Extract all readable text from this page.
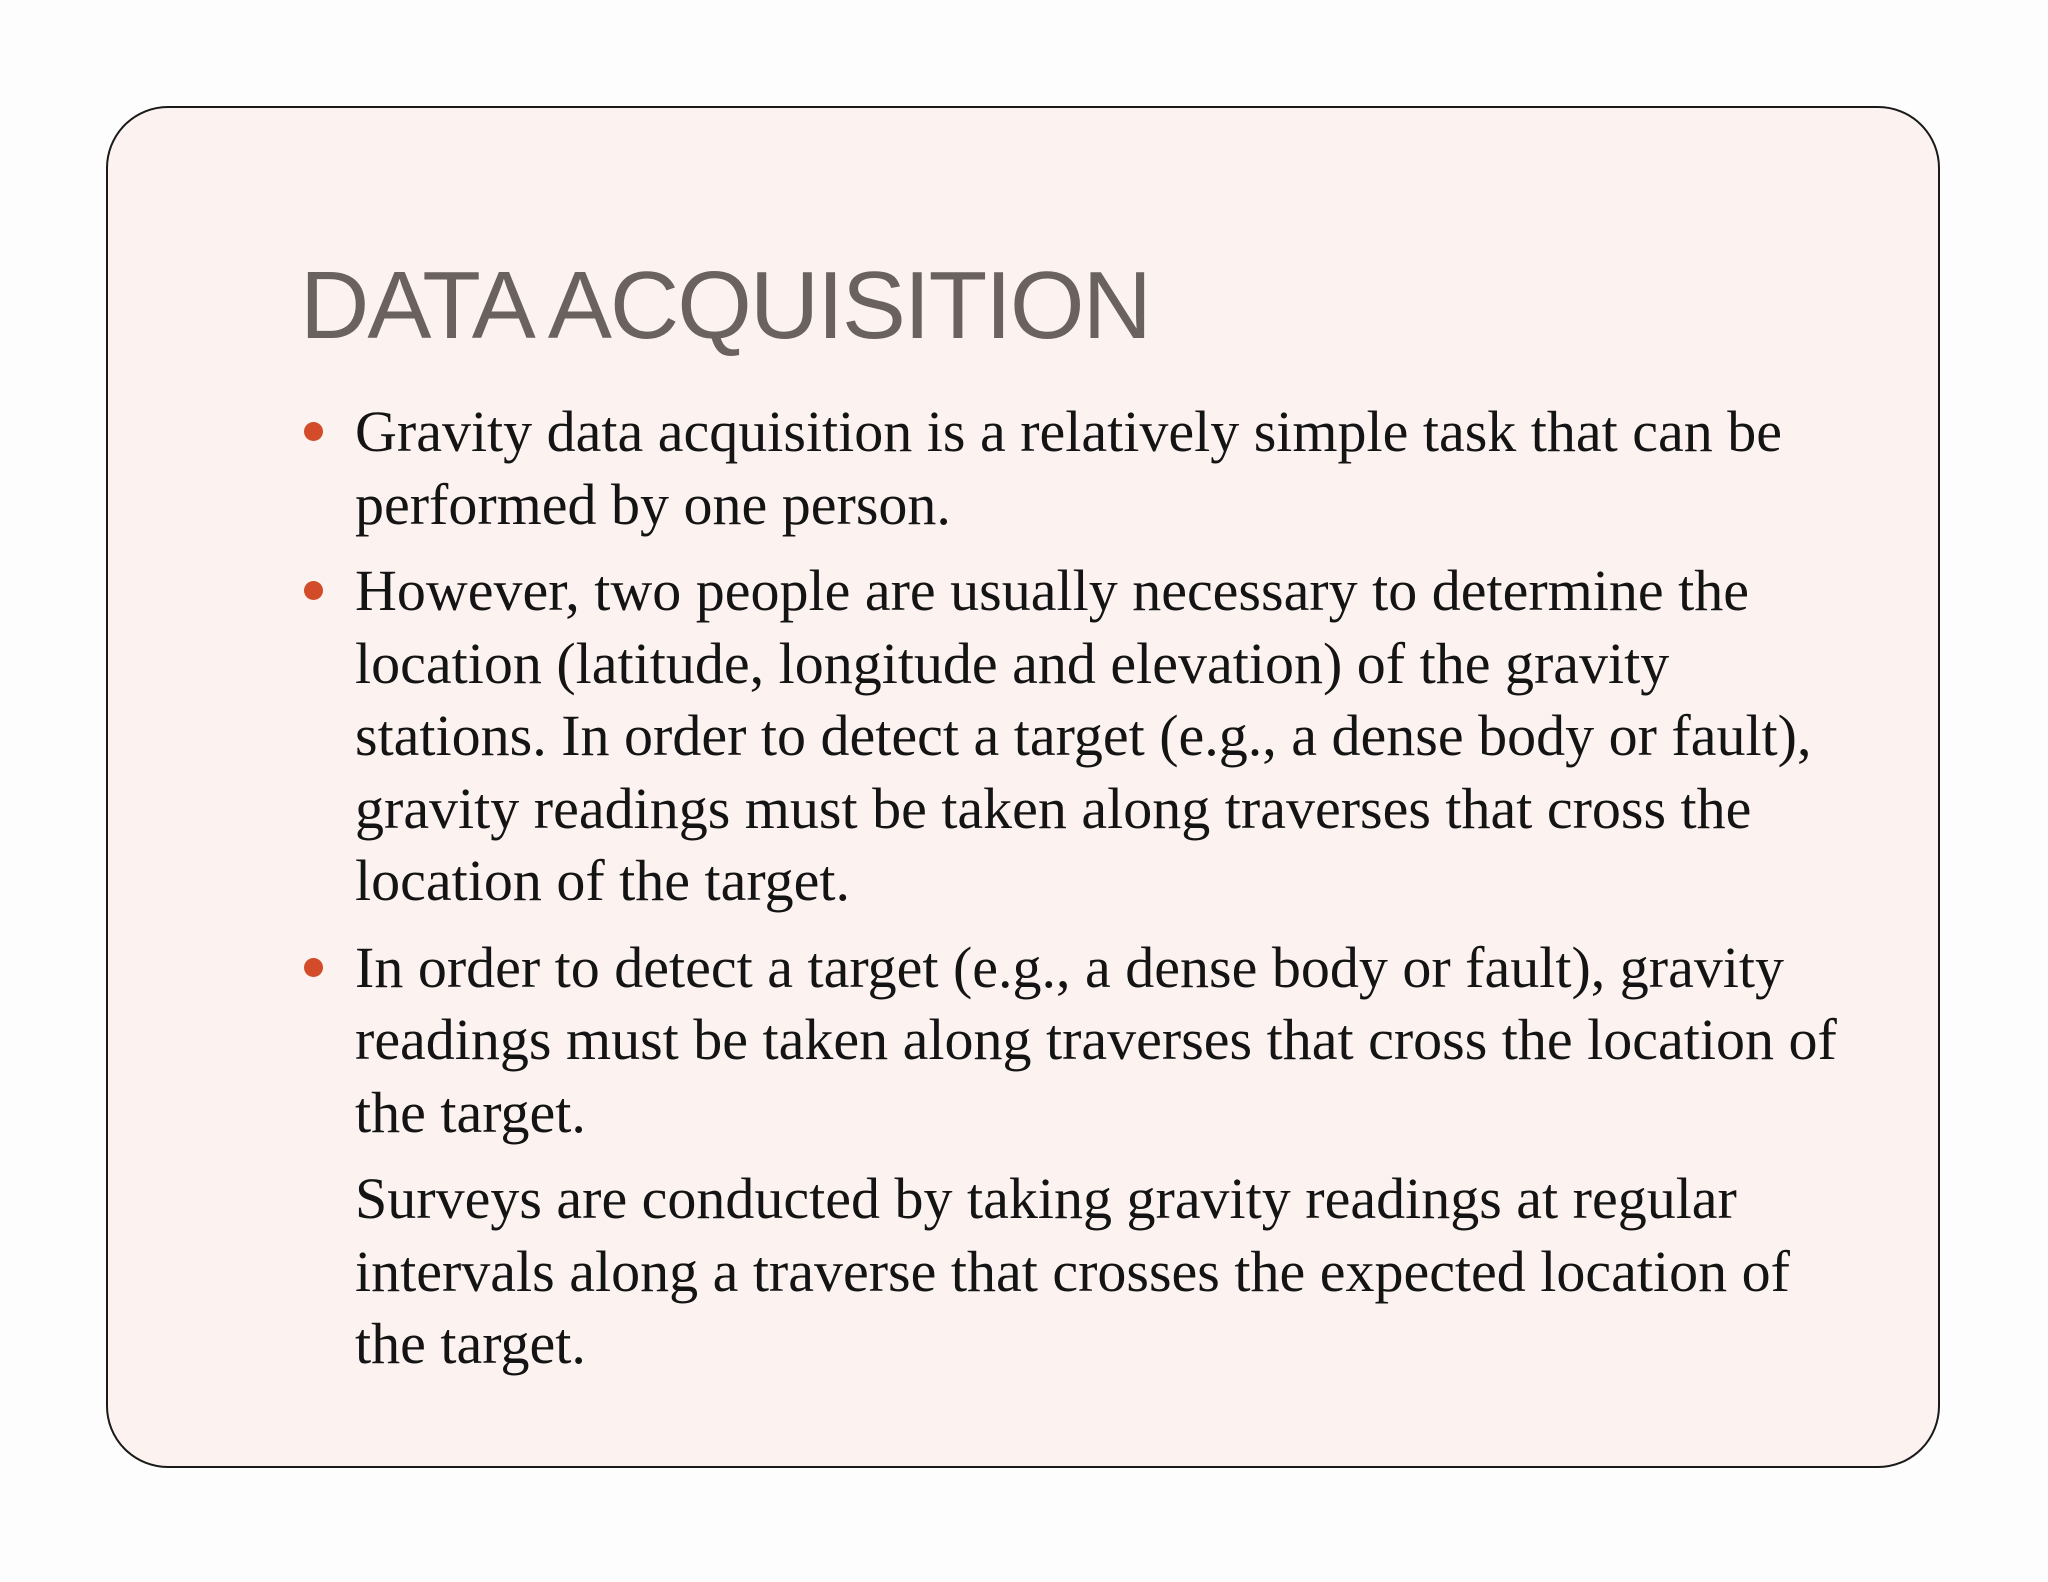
DATA ACQUISITION
Gravity data acquisition is a relatively simple task that can be performed by one person.
However, two people are usually necessary to determine the location (latitude, longitude and elevation) of the gravity stations. In order to detect a target (e.g., a dense body or fault), gravity readings must be taken along traverses that cross the location of the target.
In order to detect a target (e.g., a dense body or fault), gravity readings must be taken along traverses that cross the location of the target.
Surveys are conducted by taking gravity readings at regular intervals along a traverse that crosses the expected location of the target.
